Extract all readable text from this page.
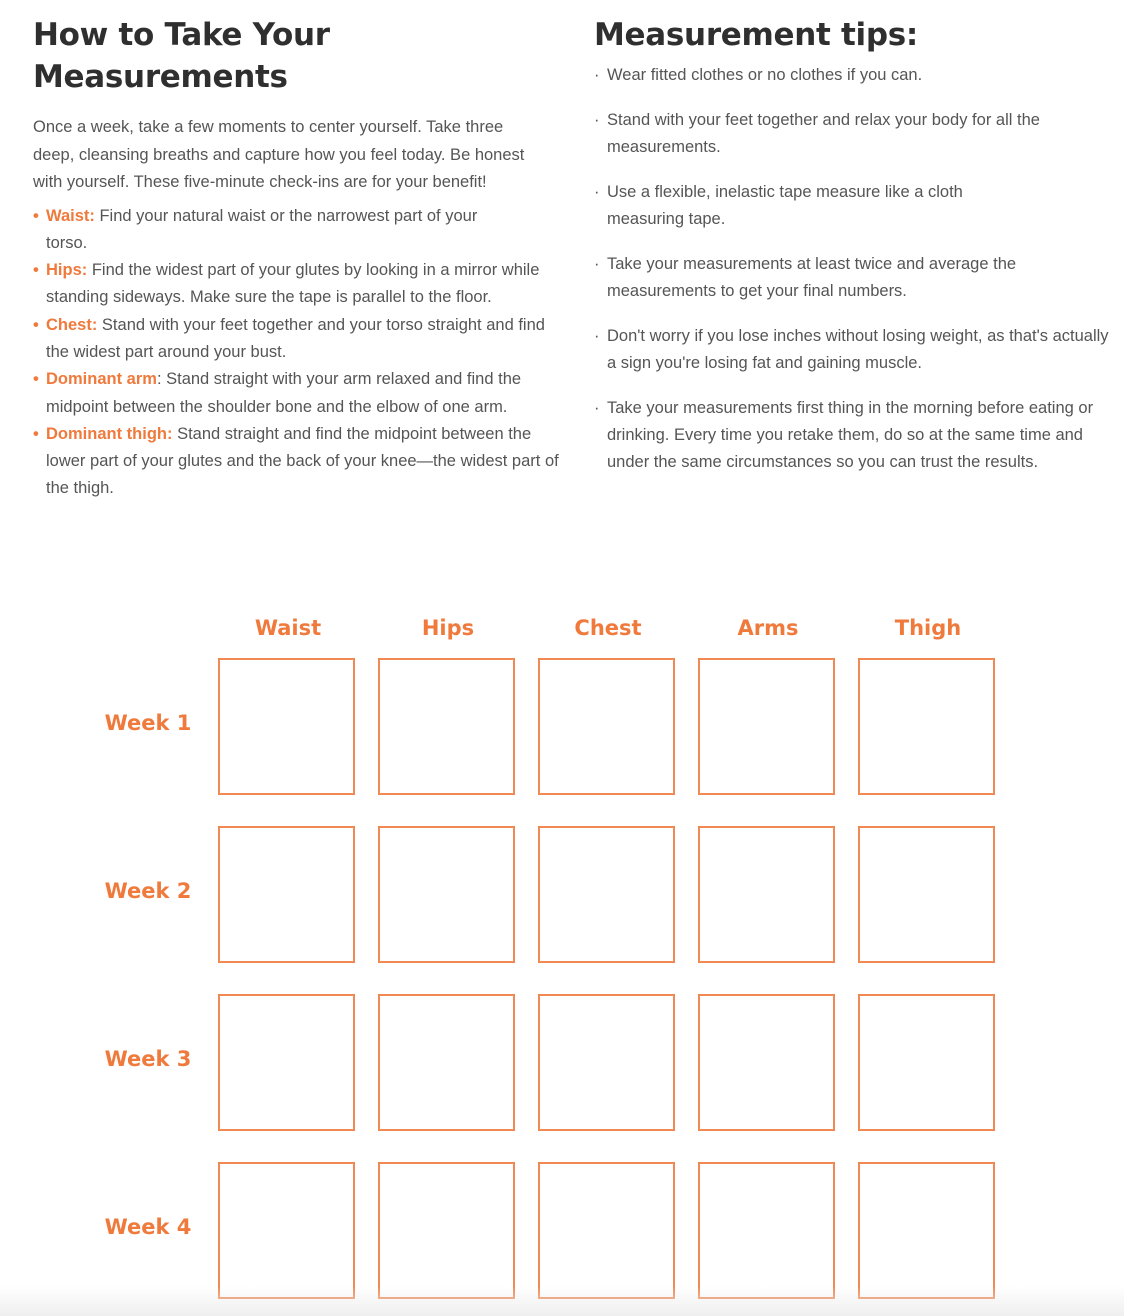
How to Take Your Measurements

Once a week, take a few moments to center yourself. Take three deep, cleansing breaths and capture how you feel today. Be honest with yourself. These five-minute check-ins are for your benefit!

• Waist: Find your natural waist or the narrowest part of your torso.
• Hips: Find the widest part of your glutes by looking in a mirror while standing sideways. Make sure the tape is parallel to the floor.
• Chest: Stand with your feet together and your torso straight and find the widest part around your bust.
• Dominant arm: Stand straight with your arm relaxed and find the midpoint between the shoulder bone and the elbow of one arm.
• Dominant thigh: Stand straight and find the midpoint between the lower part of your glutes and the back of your knee—the widest part of the thigh.
Measurement tips:
· Wear fitted clothes or no clothes if you can.
· Stand with your feet together and relax your body for all the measurements.
· Use a flexible, inelastic tape measure like a cloth measuring tape.
· Take your measurements at least twice and average the measurements to get your final numbers.
· Don't worry if you lose inches without losing weight, as that's actually a sign you're losing fat and gaining muscle.
· Take your measurements first thing in the morning before eating or drinking. Every time you retake them, do so at the same time and under the same circumstances so you can trust the results.
Waist	Hips	Chest	Arms	Thigh
Week 1
Week 2
Week 3
Week 4
